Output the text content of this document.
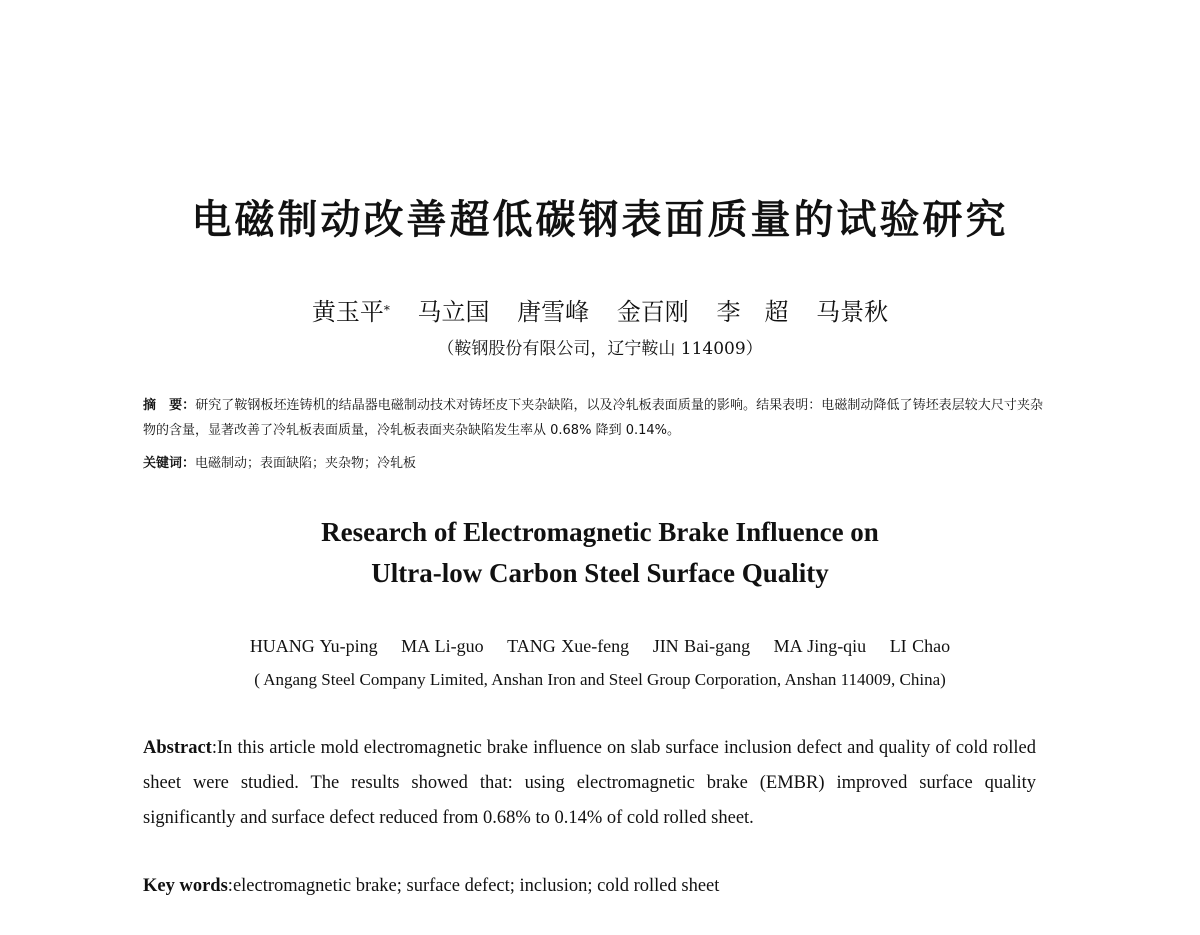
电磁制动改善超低碳钢表面质量的试验研究
黄玉平* 马立国 唐雪峰 金百刚 李　超 马景秋
（鞍钢股份有限公司，辽宁鞍山 114009）
摘　要：研究了鞍钢板坯连铸机的结晶器电磁制动技术对铸坯皮下夹杂缺陷，以及冷轧板表面质量的影响。结果表明：电磁制动降低了铸坯表层较大尺寸夹杂物的含量，显著改善了冷轧板表面质量，冷轧板表面夹杂缺陷发生率从 0.68% 降到 0.14%。
关键词：电磁制动；表面缺陷；夹杂物；冷轧板
Research of Electromagnetic Brake Influence on
Ultra-low Carbon Steel Surface Quality
HUANG Yu-ping MA Li-guo TANG Xue-feng JIN Bai-gang MA Jing-qiu LI Chao
( Angang Steel Company Limited, Anshan Iron and Steel Group Corporation, Anshan 114009, China)
Abstract:In this article mold electromagnetic brake influence on slab surface inclusion defect and quality of cold rolled sheet were studied. The results showed that: using electromagnetic brake (EMBR) improved surface quality significantly and surface defect reduced from 0.68% to 0.14% of cold rolled sheet.
Key words:electromagnetic brake; surface defect; inclusion; cold rolled sheet
